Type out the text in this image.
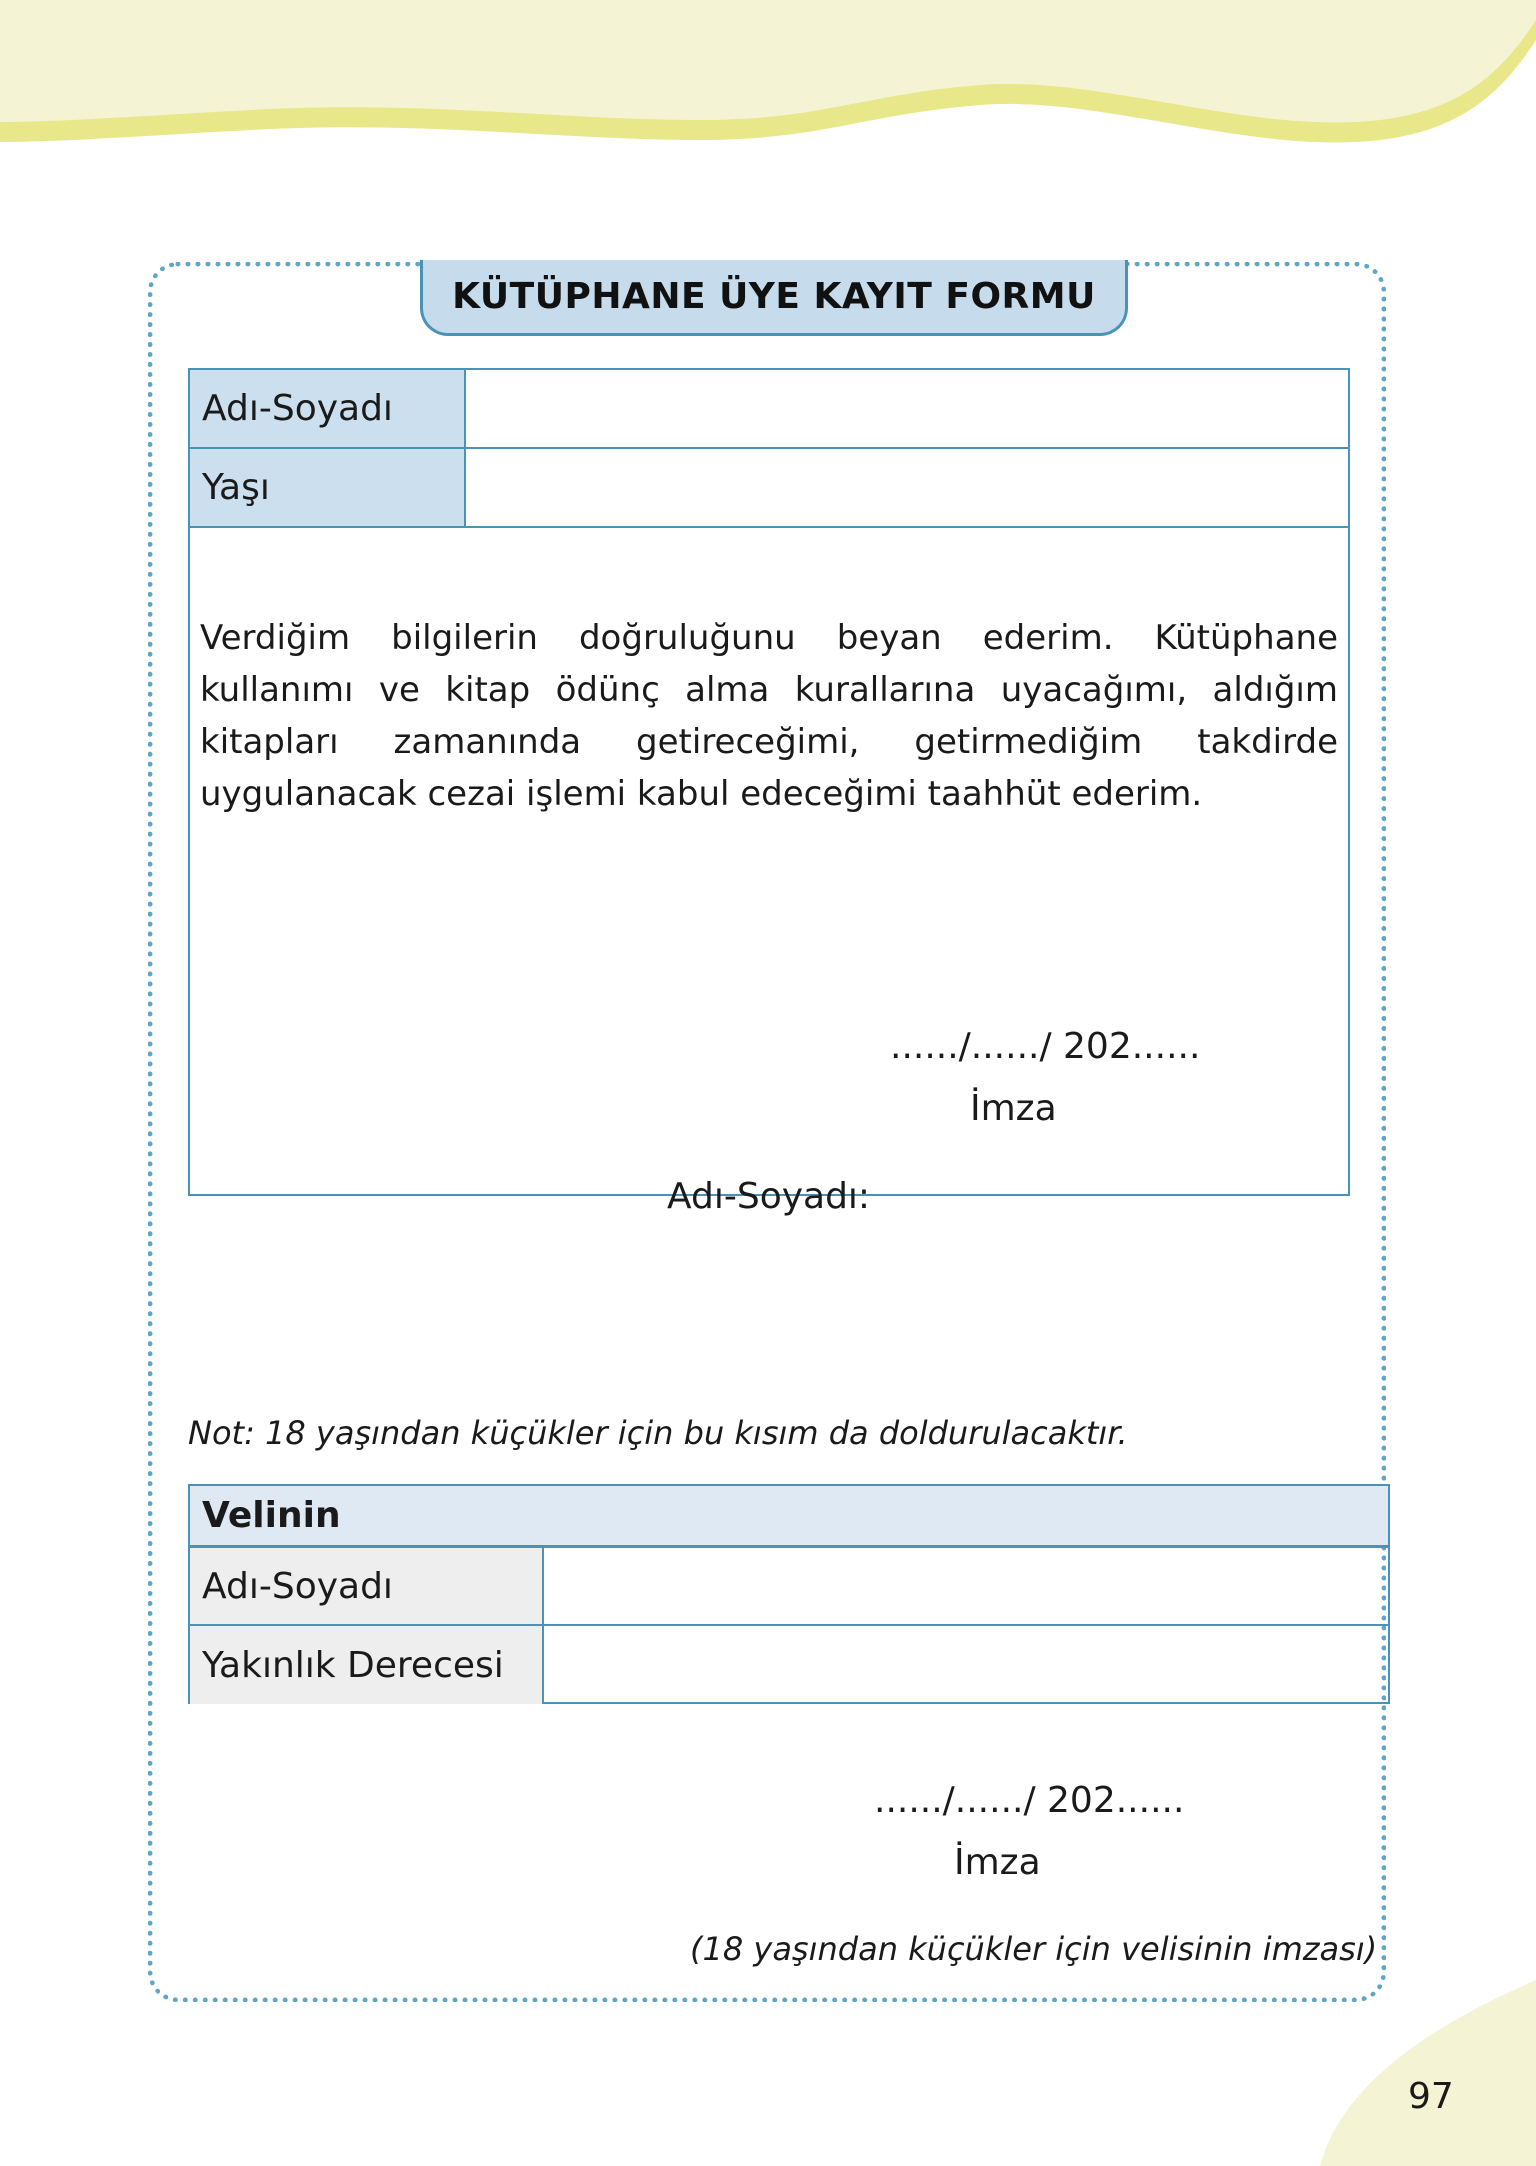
KÜTÜPHANE ÜYE KAYIT FORMU
Adı-Soyadı
Yaşı
Verdiğim bilgilerin doğruluğunu beyan ederim. Kütüphane kullanımı ve kitap ödünç alma kurallarına uyacağımı, aldığım kitapları zamanında getireceğimi, getirmediğim takdirde uygulanacak cezai işlemi kabul edeceğimi taahhüt ederim.
....../....../ 202......
İmza
Adı-Soyadı:
Not: 18 yaşından küçükler için bu kısım da doldurulacaktır.
Velinin
Adı-Soyadı
Yakınlık Derecesi
....../....../ 202......
İmza
(18 yaşından küçükler için velisinin imzası)
97
